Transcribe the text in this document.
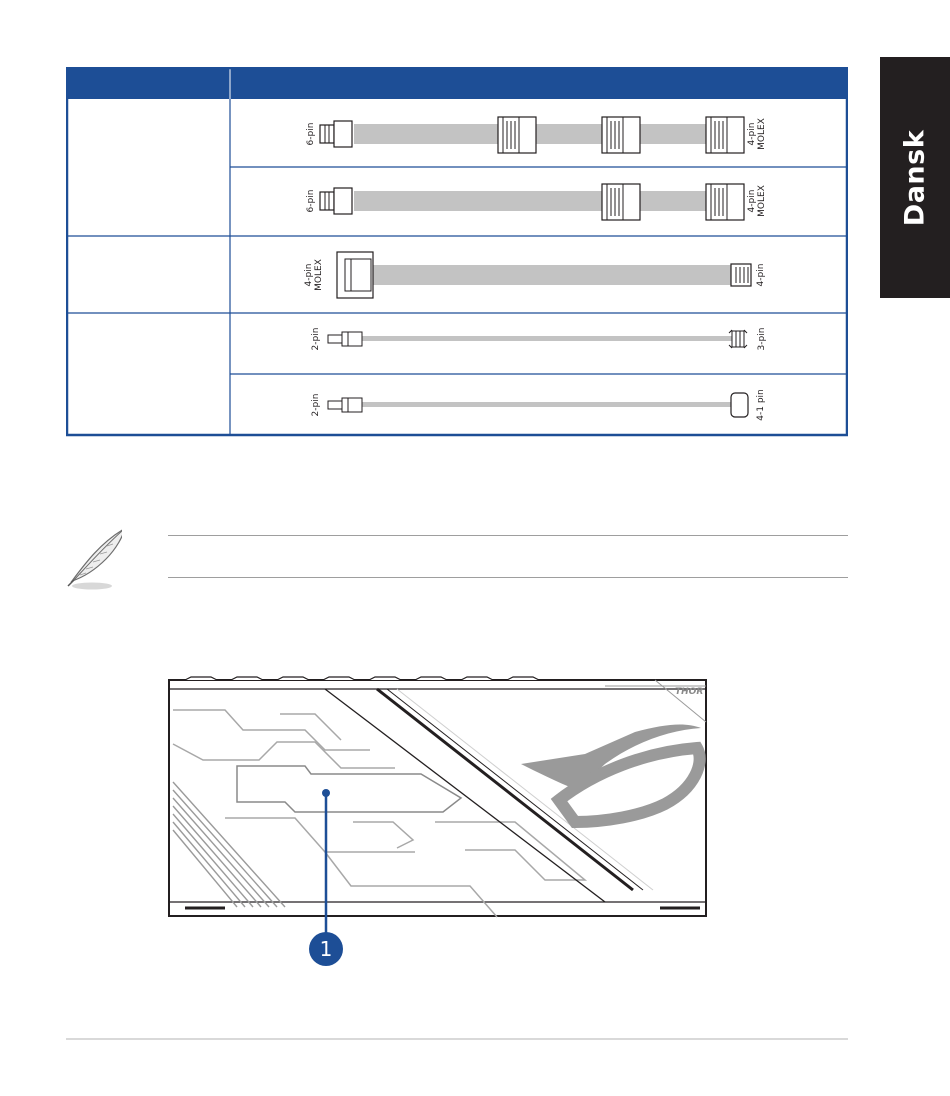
Dansk
6-pin	4-pinMOLEX
6-pin	4-pinMOLEX
4-pinMOLEX	4-pin
2-pin	3-pin
2-pin	4-1 pin
THOR
1
